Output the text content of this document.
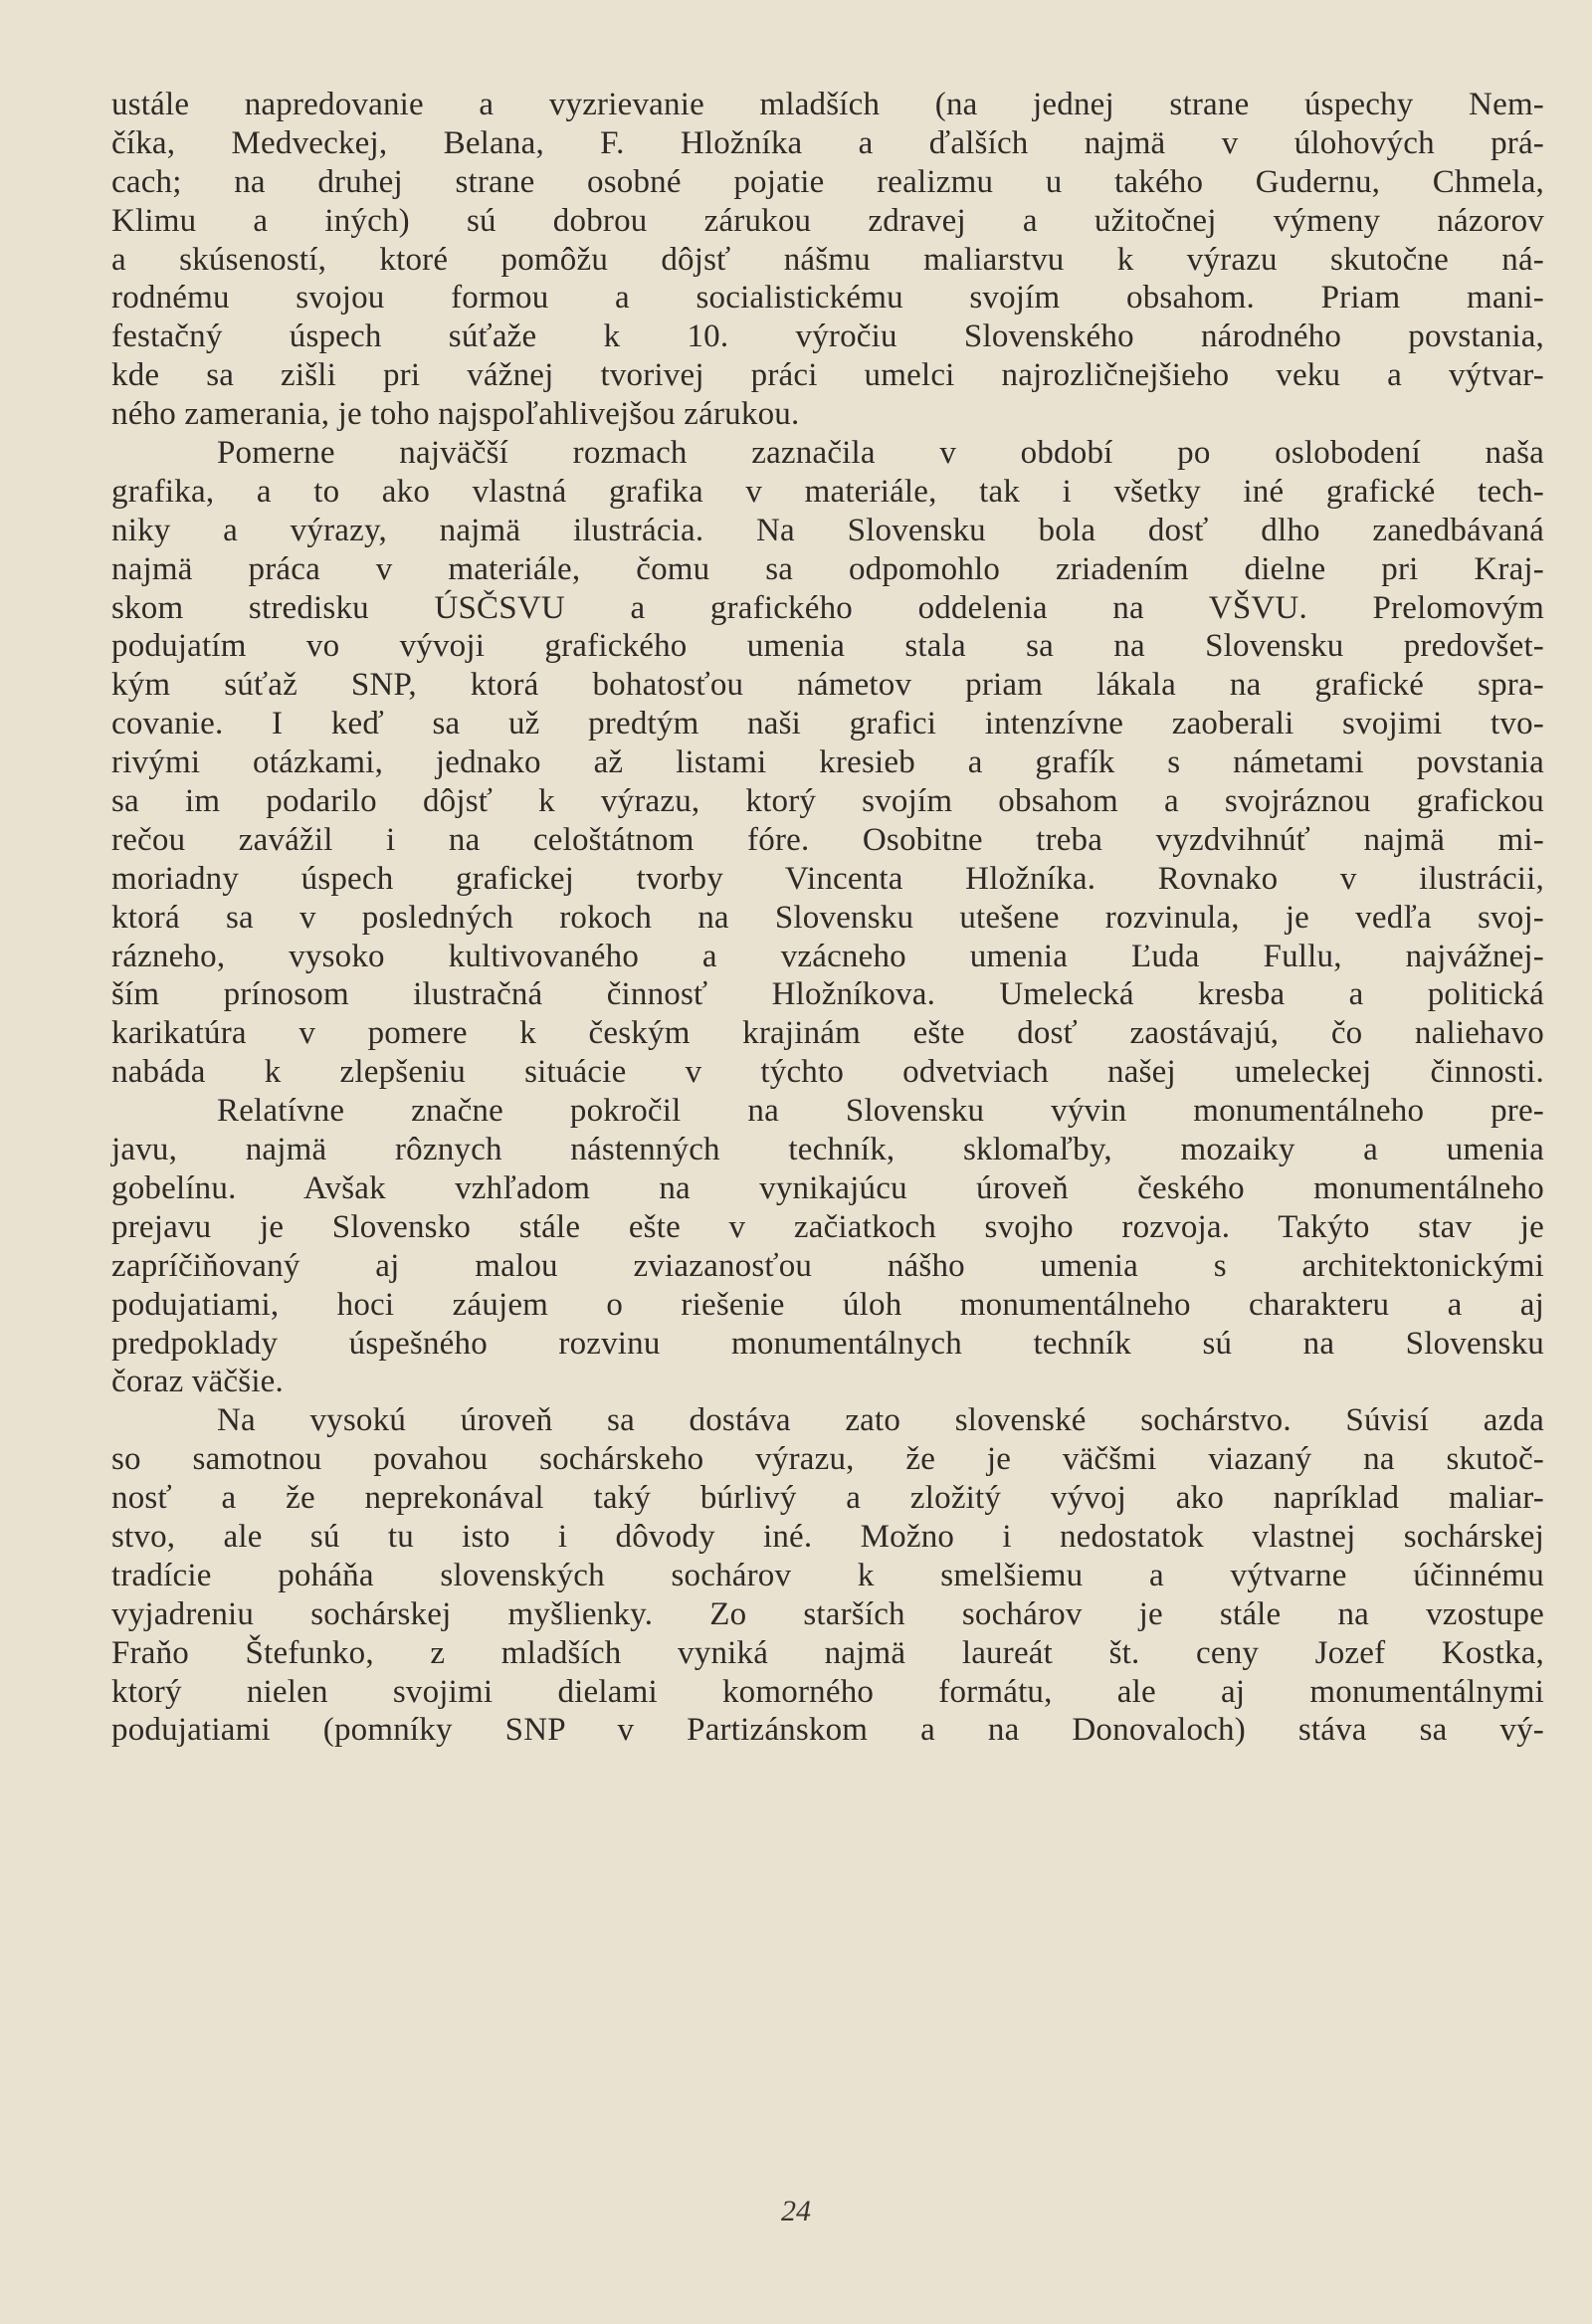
ustále napredovanie a vyzrievanie mladších (na jednej strane úspechy Nem-
číka, Medveckej, Belana, F. Hložníka a ďalších najmä v úlohových prá-
cach; na druhej strane osobné pojatie realizmu u takého Gudernu, Chmela,
Klimu a iných) sú dobrou zárukou zdravej a užitočnej výmeny názorov
a skúseností, ktoré pomôžu dôjsť nášmu maliarstvu k výrazu skutočne ná-
rodnému svojou formou a socialistickému svojím obsahom. Priam mani-
festačný úspech súťaže k 10. výročiu Slovenského národného povstania,
kde sa zišli pri vážnej tvorivej práci umelci najrozličnejšieho veku a výtvar-
ného zamerania, je toho najspoľahlivejšou zárukou.
Pomerne najväčší rozmach zaznačila v období po oslobodení naša
grafika, a to ako vlastná grafika v materiále, tak i všetky iné grafické tech-
niky a výrazy, najmä ilustrácia. Na Slovensku bola dosť dlho zanedbávaná
najmä práca v materiále, čomu sa odpomohlo zriadením dielne pri Kraj-
skom stredisku ÚSČSVU a grafického oddelenia na VŠVU. Prelomovým
podujatím vo vývoji grafického umenia stala sa na Slovensku predovšet-
kým súťaž SNP, ktorá bohatosťou námetov priam lákala na grafické spra-
covanie. I keď sa už predtým naši grafici intenzívne zaoberali svojimi tvo-
rivými otázkami, jednako až listami kresieb a grafík s námetami povstania
sa im podarilo dôjsť k výrazu, ktorý svojím obsahom a svojráznou grafickou
rečou zavážil i na celoštátnom fóre. Osobitne treba vyzdvihnúť najmä mi-
moriadny úspech grafickej tvorby Vincenta Hložníka. Rovnako v ilustrácii,
ktorá sa v posledných rokoch na Slovensku utešene rozvinula, je vedľa svoj-
rázneho, vysoko kultivovaného a vzácneho umenia Ľuda Fullu, najvážnej-
ším prínosom ilustračná činnosť Hložníkova. Umelecká kresba a politická
karikatúra v pomere k českým krajinám ešte dosť zaostávajú, čo naliehavo
nabáda k zlepšeniu situácie v týchto odvetviach našej umeleckej činnosti.
Relatívne značne pokročil na Slovensku vývin monumentálneho pre-
javu, najmä rôznych nástenných techník, sklomaľby, mozaiky a umenia
gobelínu. Avšak vzhľadom na vynikajúcu úroveň českého monumentálneho
prejavu je Slovensko stále ešte v začiatkoch svojho rozvoja. Takýto stav je
zapríčiňovaný aj malou zviazanosťou nášho umenia s architektonickými
podujatiami, hoci záujem o riešenie úloh monumentálneho charakteru a aj
predpoklady úspešného rozvinu monumentálnych techník sú na Slovensku
čoraz väčšie.
Na vysokú úroveň sa dostáva zato slovenské sochárstvo. Súvisí azda
so samotnou povahou sochárskeho výrazu, že je väčšmi viazaný na skutoč-
nosť a že neprekonával taký búrlivý a zložitý vývoj ako napríklad maliar-
stvo, ale sú tu isto i dôvody iné. Možno i nedostatok vlastnej sochárskej
tradície poháňa slovenských sochárov k smelšiemu a výtvarne účinnému
vyjadreniu sochárskej myšlienky. Zo starších sochárov je stále na vzostupe
Fraňo Štefunko, z mladších vyniká najmä laureát št. ceny Jozef Kostka,
ktorý nielen svojimi dielami komorného formátu, ale aj monumentálnymi
podujatiami (pomníky SNP v Partizánskom a na Donovaloch) stáva sa vý-
24
